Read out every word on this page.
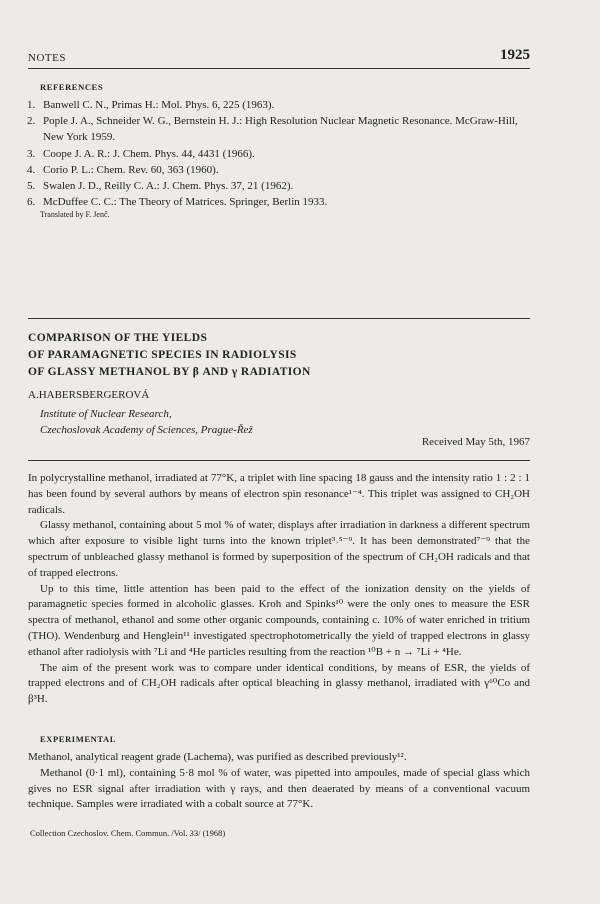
NOTES	1925
REFERENCES
1. Banwell C. N., Primas H.: Mol. Phys. 6, 225 (1963).
2. Pople J. A., Schneider W. G., Bernstein H. J.: High Resolution Nuclear Magnetic Resonance. McGraw-Hill, New York 1959.
3. Coope J. A. R.: J. Chem. Phys. 44, 4431 (1966).
4. Corio P. L.: Chem. Rev. 60, 363 (1960).
5. Swalen J. D., Reilly C. A.: J. Chem. Phys. 37, 21 (1962).
6. McDuffee C. C.: The Theory of Matrices. Springer, Berlin 1933.
Translated by F. Jenč.
COMPARISON OF THE YIELDS
OF PARAMAGNETIC SPECIES IN RADIOLYSIS
OF GLASSY METHANOL BY β AND γ RADIATION
A.HABERSBERGEROVÁ
Institute of Nuclear Research,
Czechoslovak Academy of Sciences, Prague-Řež
Received May 5th, 1967

In polycrystalline methanol, irradiated at 77°K, a triplet with line spacing 18 gauss and the intensity ratio 1 : 2 : 1 has been found by several authors by means of electron spin resonance¹⁻⁴. This triplet was assigned to CH₂OH radicals.

Glassy methanol, containing about 5 mol % of water, displays after irradiation in darkness a different spectrum which after exposure to visible light turns into the known triplet³˒⁵⁻⁹. It has been demonstrated⁷⁻⁹ that the spectrum of unbleached glassy methanol is formed by superposition of the spectrum of CH₂OH radicals and that of trapped electrons.

Up to this time, little attention has been paid to the effect of the ionization density on the yields of paramagnetic species formed in alcoholic glasses. Kroh and Spinks¹⁰ were the only ones to measure the ESR spectra of methanol, ethanol and some other organic compounds, containing c. 10% of water enriched in tritium (THO). Wendenburg and Henglein¹¹ investigated spectrophotometrically the yield of trapped electrons in glassy ethanol after radiolysis with ⁷Li and ⁴He particles resulting from the reaction ¹⁰B + n → ⁷Li + ⁴He.

The aim of the present work was to compare under identical conditions, by means of ESR, the yields of trapped electrons and of CH₂OH radicals after optical bleaching in glassy methanol, irradiated with γ⁶⁰Co and β³H.

EXPERIMENTAL

Methanol, analytical reagent grade (Lachema), was purified as described previously¹².

Methanol (0·1 ml), containing 5·8 mol % of water, was pipetted into ampoules, made of special glass which gives no ESR signal after irradiation with γ rays, and then deaerated by means of a conventional vacuum technique. Samples were irradiated with a cobalt source at 77°K.

Collection Czechoslov. Chem. Commun. /Vol. 33/ (1968)
